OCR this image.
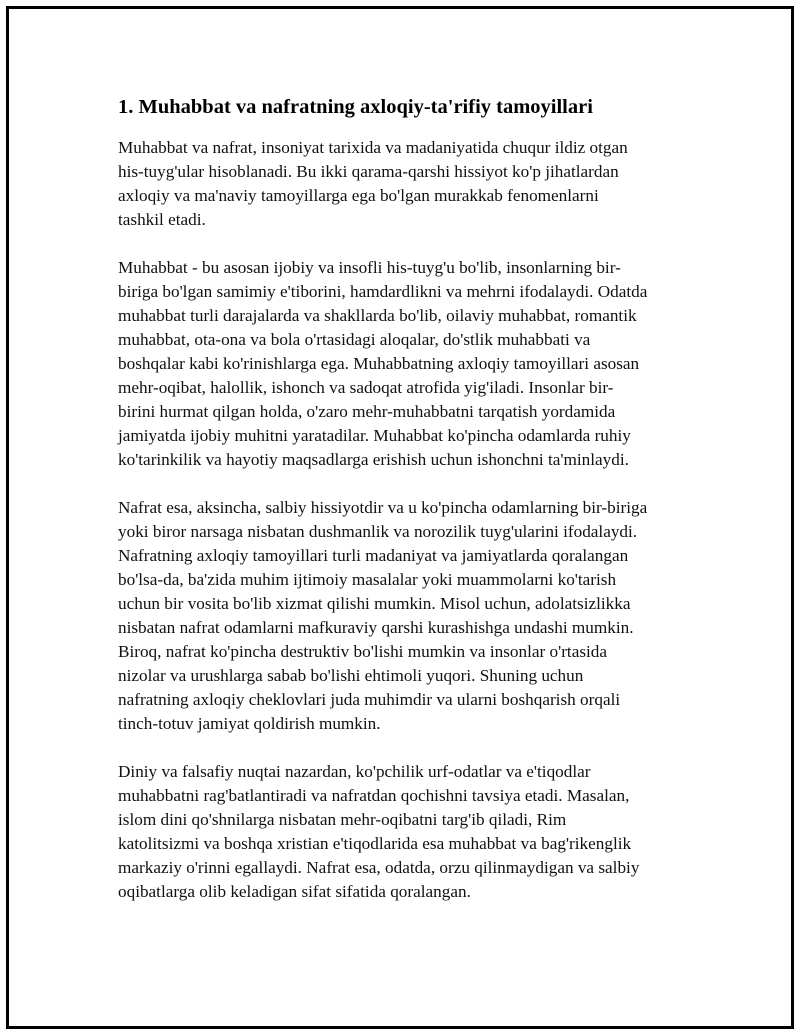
1. Muhabbat va nafratning axloqiy-ta'rifiy tamoyillari

Muhabbat va nafrat, insoniyat tarixida va madaniyatida chuqur ildiz otgan
his-tuyg'ular hisoblanadi. Bu ikki qarama-qarshi hissiyot ko'p jihatlardan
axloqiy va ma'naviy tamoyillarga ega bo'lgan murakkab fenomenlarni
tashkil etadi.

Muhabbat - bu asosan ijobiy va insofli his-tuyg'u bo'lib, insonlarning bir-
biriga bo'lgan samimiy e'tiborini, hamdardlikni va mehrni ifodalaydi. Odatda
muhabbat turli darajalarda va shakllarda bo'lib, oilaviy muhabbat, romantik
muhabbat, ota-ona va bola o'rtasidagi aloqalar, do'stlik muhabbati va
boshqalar kabi ko'rinishlarga ega. Muhabbatning axloqiy tamoyillari asosan
mehr-oqibat, halollik, ishonch va sadoqat atrofida yig'iladi. Insonlar bir-
birini hurmat qilgan holda, o'zaro mehr-muhabbatni tarqatish yordamida
jamiyatda ijobiy muhitni yaratadilar. Muhabbat ko'pincha odamlarda ruhiy
ko'tarinkilik va hayotiy maqsadlarga erishish uchun ishonchni ta'minlaydi.

Nafrat esa, aksincha, salbiy hissiyotdir va u ko'pincha odamlarning bir-biriga
yoki biror narsaga nisbatan dushmanlik va norozilik tuyg'ularini ifodalaydi.
Nafratning axloqiy tamoyillari turli madaniyat va jamiyatlarda qoralangan
bo'lsa-da, ba'zida muhim ijtimoiy masalalar yoki muammolarni ko'tarish
uchun bir vosita bo'lib xizmat qilishi mumkin. Misol uchun, adolatsizlikka
nisbatan nafrat odamlarni mafkuraviy qarshi kurashishga undashi mumkin.
Biroq, nafrat ko'pincha destruktiv bo'lishi mumkin va insonlar o'rtasida
nizolar va urushlarga sabab bo'lishi ehtimoli yuqori. Shuning uchun
nafratning axloqiy cheklovlari juda muhimdir va ularni boshqarish orqali
tinch-totuv jamiyat qoldirish mumkin.

Diniy va falsafiy nuqtai nazardan, ko'pchilik urf-odatlar va e'tiqodlar
muhabbatni rag'batlantiradi va nafratdan qochishni tavsiya etadi. Masalan,
islom dini qo'shnilarga nisbatan mehr-oqibatni targ'ib qiladi, Rim
katolitsizmi va boshqa xristian e'tiqodlarida esa muhabbat va bag'rikenglik
markaziy o'rinni egallaydi. Nafrat esa, odatda, orzu qilinmaydigan va salbiy
oqibatlarga olib keladigan sifat sifatida qoralangan.
